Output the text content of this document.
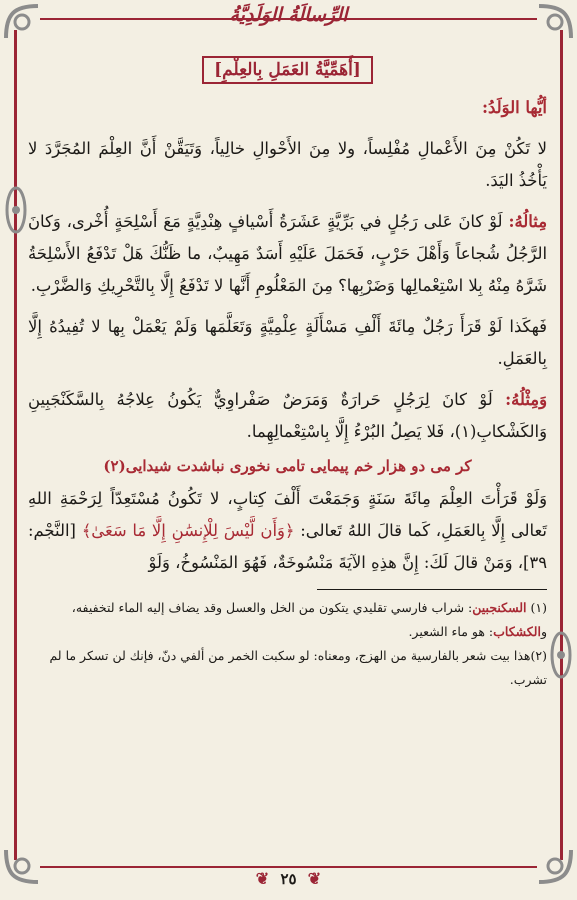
الرِّسالَةُ الوَلَدِيَّةُ
[أَهَمِّيَّةُ العَمَلِ بِالعِلْمِ]

أيُّها الوَلَدُ:

لا تَكُنْ مِنَ الأَعْمالِ مُفْلِساً، ولا مِنَ الأَحْوالِ خالِياً، وَتَيَقَّنْ أَنَّ العِلْمَ المُجَرَّدَ لا يَأْخُذُ اليَدَ.

مِثالُهُ: لَوْ كانَ عَلى رَجُلٍ في بَرِّيَّةٍ عَشَرَةُ أَسْيافٍ هِنْدِيَّةٍ مَعَ أَسْلِحَةٍ أُخْرى، وَكانَ الرَّجُلُ شُجاعاً وَأَهْلَ حَرْبٍ، فَحَمَلَ عَلَيْهِ أَسَدٌ مَهِيبٌ، ما ظَنُّكَ هَلْ تَدْفَعُ الأَسْلِحَةُ شَرَّهُ مِنْهُ بِلا اسْتِعْمالِها وَضَرْبِها؟ مِنَ المَعْلُومِ أَنَّها لا تَدْفَعُ إِلَّا بِالتَّحْرِيكِ وَالضَّرْبِ.

فَهكَذا لَوْ قَرَأَ رَجُلٌ مِائَةَ أَلْفِ مَسْأَلَةٍ عِلْمِيَّةٍ وَتَعَلَّمَها وَلَمْ يَعْمَلْ بِها لا تُفِيدُهُ إِلَّا بِالعَمَلِ.

وَمِثْلُهُ: لَوْ كانَ لِرَجُلٍ حَرارَةٌ وَمَرَضٌ صَفْراوِيٌّ يَكُونُ عِلاجُهُ بِالسَّكَنْجَبِينِ وَالكَشْكابِ(١)، فَلا يَصِلُ البُرْءُ إِلَّا بِاسْتِعْمالِهِما.

كر مى دو هزار خم پيمايى تامى نخورى نباشدت شيدايى(٢)

وَلَوْ قَرَأْتَ العِلْمَ مِائَةَ سَنَةٍ وَجَمَعْتَ أَلْفَ كِتابٍ، لا تَكُونُ مُسْتَعِدّاً لِرَحْمَةِ اللهِ تَعالى إِلَّا بِالعَمَلِ، كَما قالَ اللهُ تَعالى: ﴿وَأَن لَّيْسَ لِلْإِنسَٰنِ إِلَّا مَا سَعَىٰ﴾ [النَّجْم: ٣٩]، وَمَنْ قالَ لَكَ: إِنَّ هذِهِ الآيَةَ مَنْسُوخَةٌ، فَهُوَ المَنْسُوخُ، وَلَوْ

(١) السكنجبين: شراب فارسي تقليدي يتكون من الخل والعسل وقد يضاف إليه الماء لتخفيفه، والكشكاب: هو ماء الشعير.

(٢)هذا بيت شعر بالفارسية من الهزج، ومعناه: لو سكبت الخمر من ألفي دنّ، فإنك لن تسكر ما لم تشرب.

❦ ٢٥ ❦
